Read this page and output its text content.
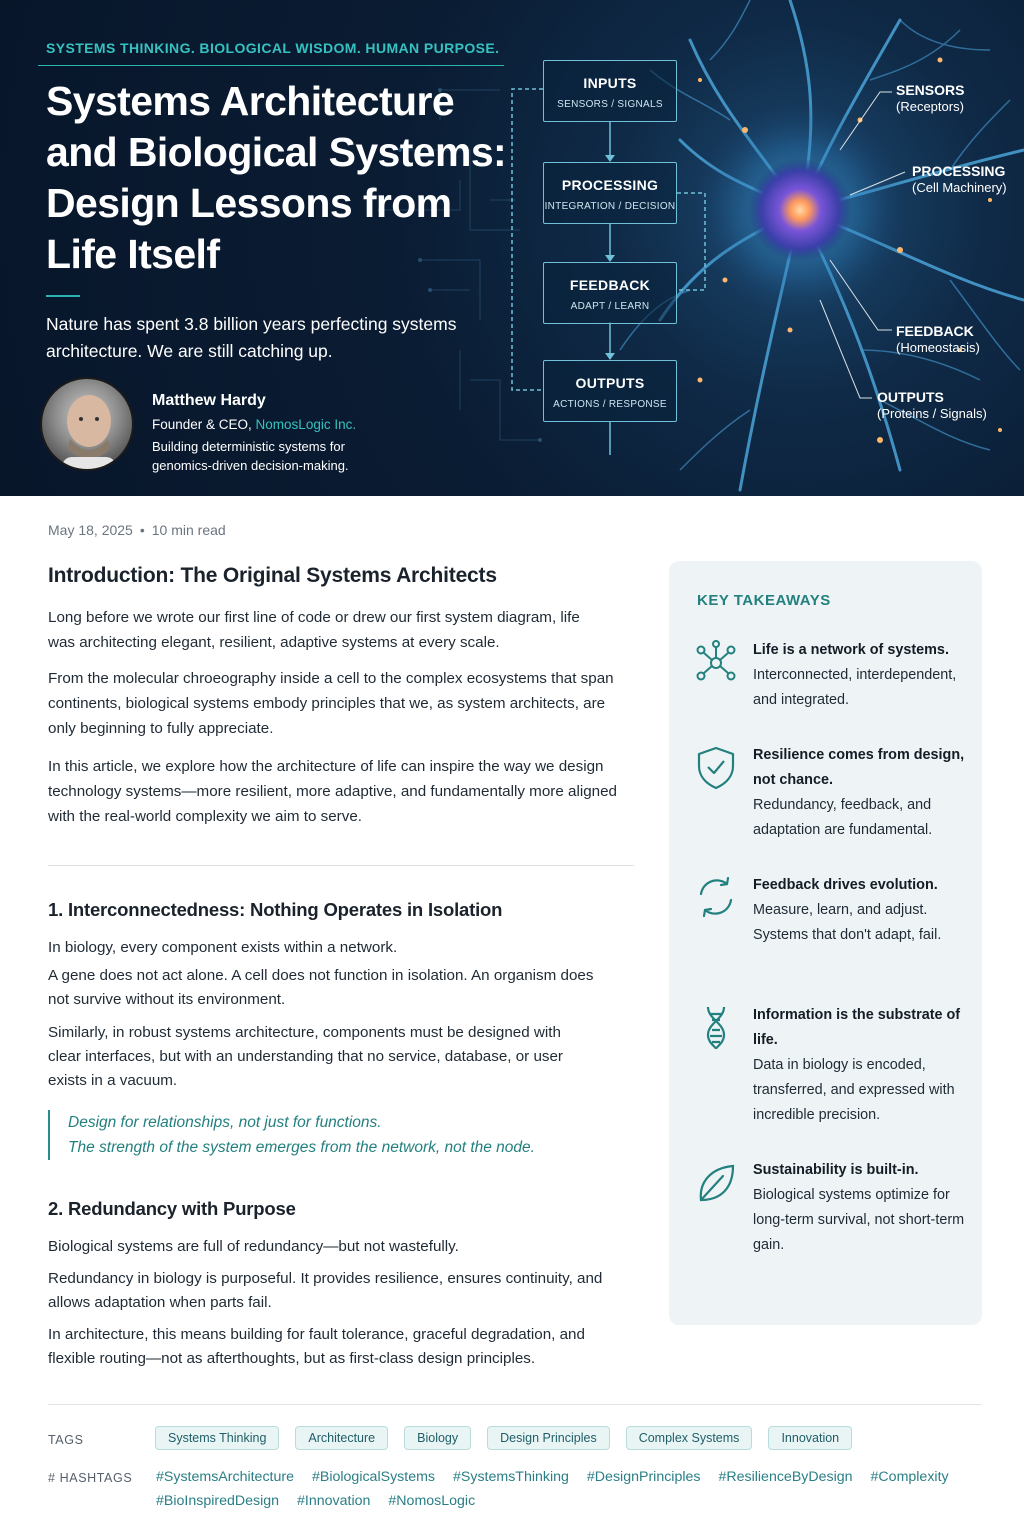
SYSTEMS THINKING. BIOLOGICAL WISDOM. HUMAN PURPOSE.
Systems Architecture and Biological Systems: Design Lessons from Life Itself

Nature has spent 3.8 billion years perfecting systems architecture. We are still catching up.

Matthew Hardy
Founder & CEO, NomosLogic Inc.
Building deterministic systems for genomics-driven decision-making.
INPUTS
SENSORS / SIGNALS
PROCESSING
INTEGRATION / DECISION
FEEDBACK
ADAPT / LEARN
OUTPUTS
ACTIONS / RESPONSE
SENSORS
(Receptors)
PROCESSING
(Cell Machinery)
FEEDBACK
(Homeostasis)
OUTPUTS
(Proteins / Signals)
May 18, 2025 • 10 min read
Introduction: The Original Systems Architects

Long before we wrote our first line of code or drew our first system diagram, life was architecting elegant, resilient, adaptive systems at every scale.

From the molecular chroeography inside a cell to the complex ecosystems that span continents, biological systems embody principles that we, as system architects, are only beginning to fully appreciate.

In this article, we explore how the architecture of life can inspire the way we design technology systems—more resilient, more adaptive, and fundamentally more aligned with the real-world complexity we aim to serve.

1. Interconnectedness: Nothing Operates in Isolation

In biology, every component exists within a network.

A gene does not act alone. A cell does not function in isolation. An organism does not survive without its environment.

Similarly, in robust systems architecture, components must be designed with clear interfaces, but with an understanding that no service, database, or user exists in a vacuum.

Design for relationships, not just for functions.
The strength of the system emerges from the network, not the node.
2. Redundancy with Purpose

Biological systems are full of redundancy—but not wastefully.

Redundancy in biology is purposeful. It provides resilience, ensures continuity, and allows adaptation when parts fail.

In architecture, this means building for fault tolerance, graceful degradation, and flexible routing—not as afterthoughts, but as first-class design principles.

KEY TAKEAWAYS
Life is a network of systems.
Interconnected, interdependent, and integrated.
Resilience comes from design, not chance.
Redundancy, feedback, and adaptation are fundamental.
Feedback drives evolution.
Measure, learn, and adjust. Systems that don't adapt, fail.
Information is the substrate of life.
Data in biology is encoded, transferred, and expressed with incredible precision.
Sustainability is built-in.
Biological systems optimize for long-term survival, not short-term gain.
TAGS	Systems Thinking	Architecture	Biology	Design Principles	Complex Systems	Innovation
# HASHTAGS #SystemsArchitecture #BiologicalSystems #SystemsThinking #DesignPrinciples #ResilienceByDesign #Complexity
#BioInspiredDesign #Innovation #NomosLogic
